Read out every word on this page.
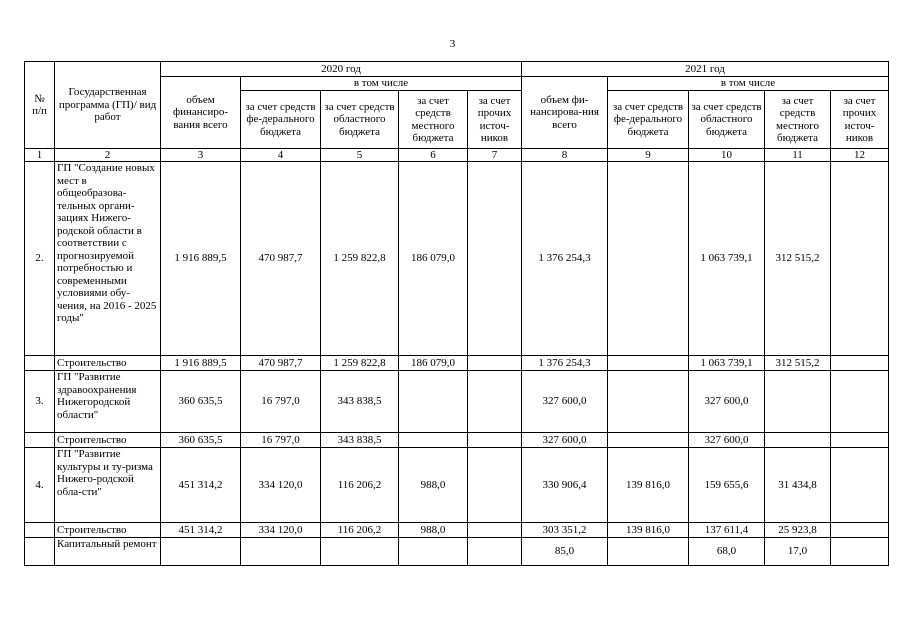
3
№
п/п	Государственная программа (ГП)/ вид работ	2020 год					2021 год				
		объем финансиро-вания всего	в том числе				объем фи-нансирова-ния всего	в том числе			
			за счет средств фе-дерального бюджета	за счет средств областного бюджета	за счет средств местного бюджета	за счет прочих источ-ников		за счет средств фе-дерального бюджета	за счет средств областного бюджета	за счет средств местного бюджета	за счет прочих источ-ников
1	2	3	4	5	6	7	8	9	10	11	12
2.	ГП "Создание новых мест в общеобразова-тельных органи-зациях Нижего-родской области в соответствии с прогнозируемой потребностью и современными условиями обу-чения, на 2016 - 2025 годы"	1 916 889,5	470 987,7	1 259 822,8	186 079,0		1 376 254,3		1 063 739,1	312 515,2	
	Строительство	1 916 889,5	470 987,7	1 259 822,8	186 079,0		1 376 254,3		1 063 739,1	312 515,2	
3.	ГП "Развитие здравоохранения Нижегородской области"	360 635,5	16 797,0	343 838,5			327 600,0		327 600,0		
	Строительство	360 635,5	16 797,0	343 838,5			327 600,0		327 600,0		
4.	ГП "Развитие культуры и ту-ризма Нижего-родской обла-сти"	451 314,2	334 120,0	116 206,2	988,0		330 906,4	139 816,0	159 655,6	31 434,8	
	Строительство	451 314,2	334 120,0	116 206,2	988,0		303 351,2	139 816,0	137 611,4	25 923,8	
	Капитальный ремонт						85,0		68,0	17,0	
